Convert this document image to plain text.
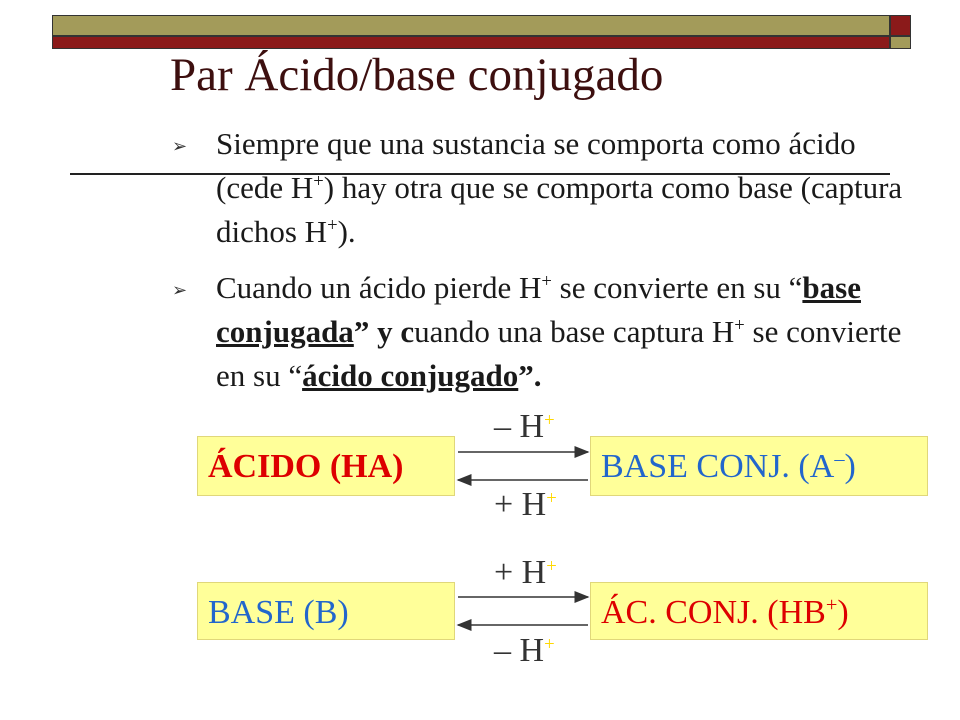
Par Ácido/base conjugado
➢ Siempre que una sustancia se comporta como ácido (cede H+) hay otra que se comporta como base (captura dichos H+).

➢ Cuando un ácido pierde H+ se convierte en su “base conjugada” y cuando una base captura H+ se convierte en su “ácido conjugado”.

ÁCIDO (HA)	BASE CONJ. (A–)
– H+
+ H+
BASE (B)	ÁC. CONJ. (HB+)
+ H+
– H+
